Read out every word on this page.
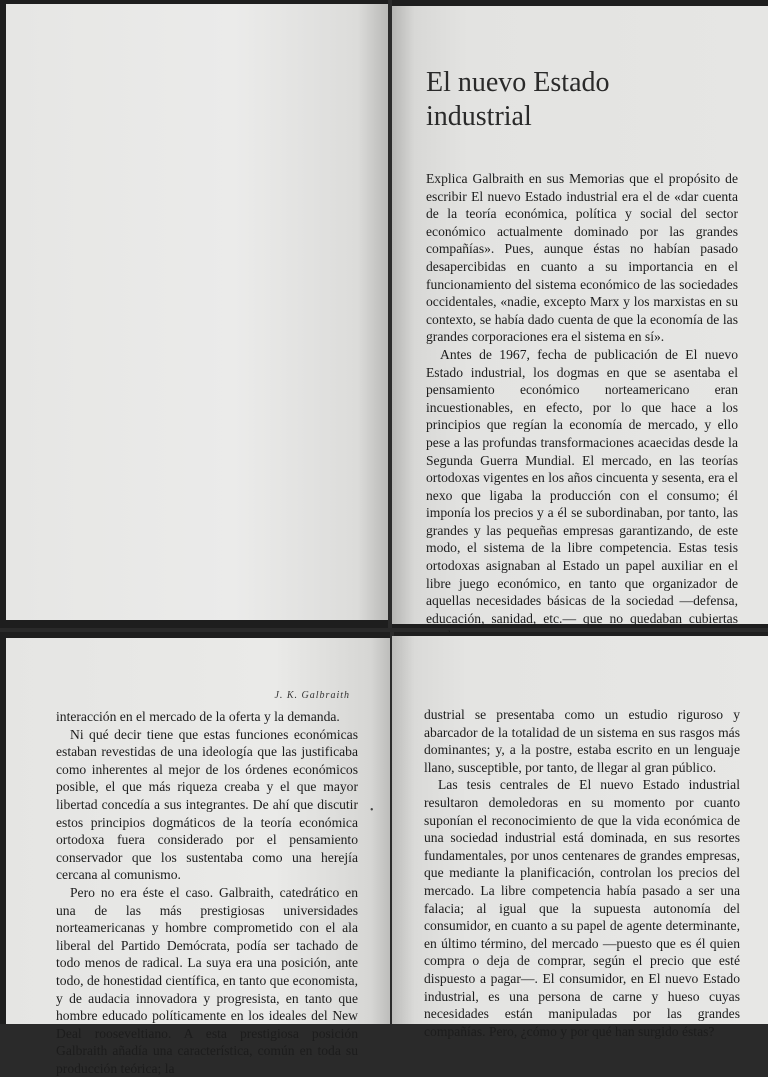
El nuevo Estado
industrial

Explica Galbraith en sus Memorias que el propósito de escribir El nuevo Estado industrial era el de «dar cuenta de la teoría económica, política y social del sector económico actualmente dominado por las grandes compañías». Pues, aunque éstas no habían pasado desapercibidas en cuanto a su importancia en el funcionamiento del sistema económico de las sociedades occidentales, «nadie, excepto Marx y los marxistas en su contexto, se había dado cuenta de que la economía de las grandes corporaciones era el sistema en sí».

Antes de 1967, fecha de publicación de El nuevo Estado industrial, los dogmas en que se asentaba el pensamiento económico norteamericano eran incuestionables, en efecto, por lo que hace a los principios que regían la economía de mercado, y ello pese a las profundas transformaciones acaecidas desde la Segunda Guerra Mundial. El mercado, en las teorías ortodoxas vigentes en los años cincuenta y sesenta, era el nexo que ligaba la producción con el consumo; él imponía los precios y a él se subordinaban, por tanto, las grandes y las pequeñas empresas garantizando, de este modo, el sistema de la libre competencia. Estas tesis ortodoxas asignaban al Estado un papel auxiliar en el libre juego económico, en tanto que organizador de aquellas necesidades básicas de la sociedad —defensa, educación, sanidad, etc.— que no quedaban cubiertas

J. K. Galbraith
•

interacción en el mercado de la oferta y la demanda.

Ni qué decir tiene que estas funciones económicas estaban revestidas de una ideología que las justificaba como inherentes al mejor de los órdenes económicos posible, el que más riqueza creaba y el que mayor libertad concedía a sus integrantes. De ahí que discutir estos principios dogmáticos de la teoría económica ortodoxa fuera considerado por el pensamiento conservador que los sustentaba como una herejía cercana al comunismo.

Pero no era éste el caso. Galbraith, catedrático en una de las más prestigiosas universidades norteamericanas y hombre comprometido con el ala liberal del Partido Demócrata, podía ser tachado de todo menos de radical. La suya era una posición, ante todo, de honestidad científica, en tanto que economista, y de audacia innovadora y progresista, en tanto que hombre educado políticamente en los ideales del New Deal rooseveltiano. A esta prestigiosa posición Galbraith añadía una característica, común en toda su producción teórica; la

dustrial se presentaba como un estudio riguroso y abarcador de la totalidad de un sistema en sus rasgos más dominantes; y, a la postre, estaba escrito en un lenguaje llano, susceptible, por tanto, de llegar al gran público.

Las tesis centrales de El nuevo Estado industrial resultaron demoledoras en su momento por cuanto suponían el reconocimiento de que la vida económica de una sociedad industrial está dominada, en sus resortes fundamentales, por unos centenares de grandes empresas, que mediante la planificación, controlan los precios del mercado. La libre competencia había pasado a ser una falacia; al igual que la supuesta autonomía del consumidor, en cuanto a su papel de agente determinante, en último término, del mercado —puesto que es él quien compra o deja de comprar, según el precio que esté dispuesto a pagar—. El consumidor, en El nuevo Estado industrial, es una persona de carne y hueso cuyas necesidades están manipuladas por las grandes compañías. Pero, ¿cómo y por qué han surgido éstas?
